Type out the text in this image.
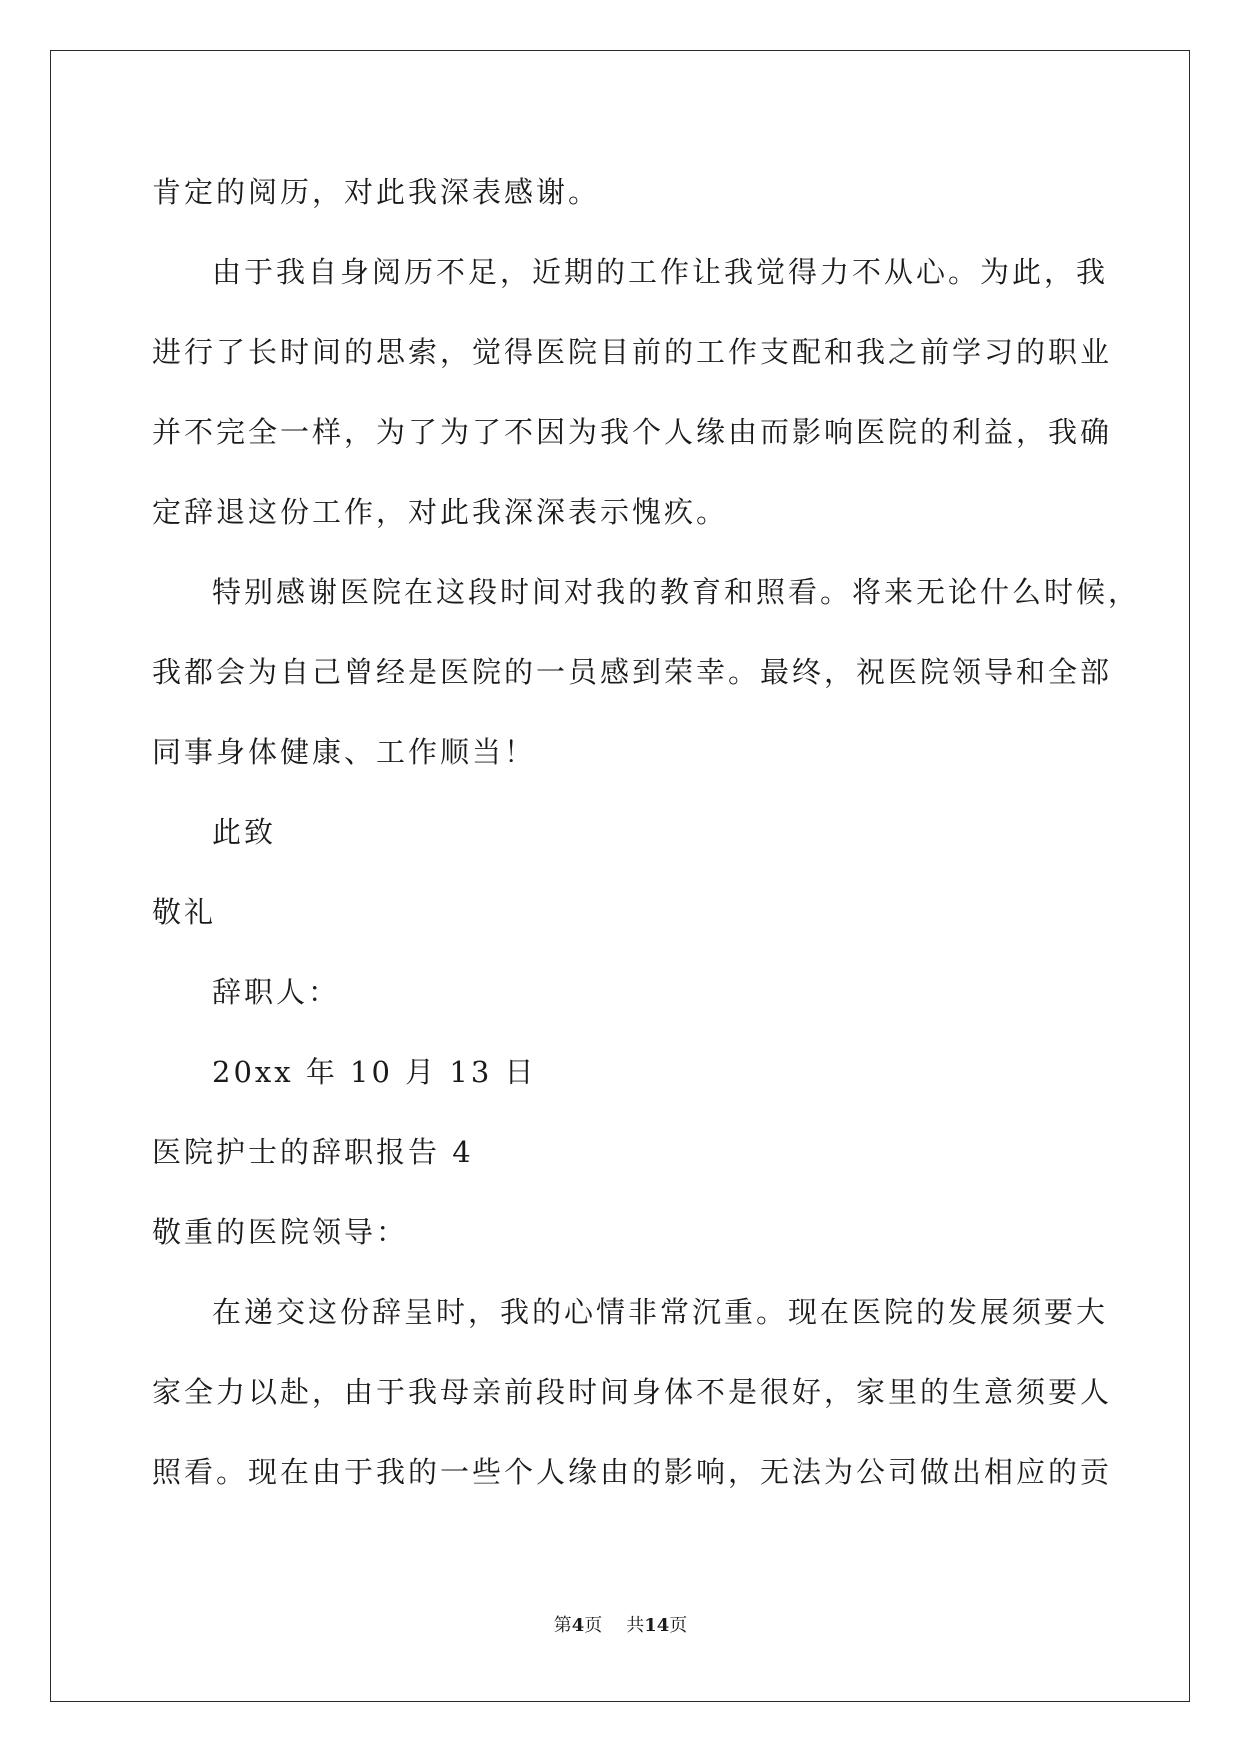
肯定的阅历，对此我深表感谢。
由于我自身阅历不足，近期的工作让我觉得力不从心。为此，我
进行了长时间的思索，觉得医院目前的工作支配和我之前学习的职业
并不完全一样，为了为了不因为我个人缘由而影响医院的利益，我确
定辞退这份工作，对此我深深表示愧疚。
特别感谢医院在这段时间对我的教育和照看。将来无论什么时候，
我都会为自己曾经是医院的一员感到荣幸。最终，祝医院领导和全部
同事身体健康、工作顺当！
此致
敬礼
辞职人：
20xx 年 10 月 13 日
医院护士的辞职报告 4
敬重的医院领导：
在递交这份辞呈时，我的心情非常沉重。现在医院的发展须要大
家全力以赴，由于我母亲前段时间身体不是很好，家里的生意须要人
照看。现在由于我的一些个人缘由的影响，无法为公司做出相应的贡
第4页 共14页
